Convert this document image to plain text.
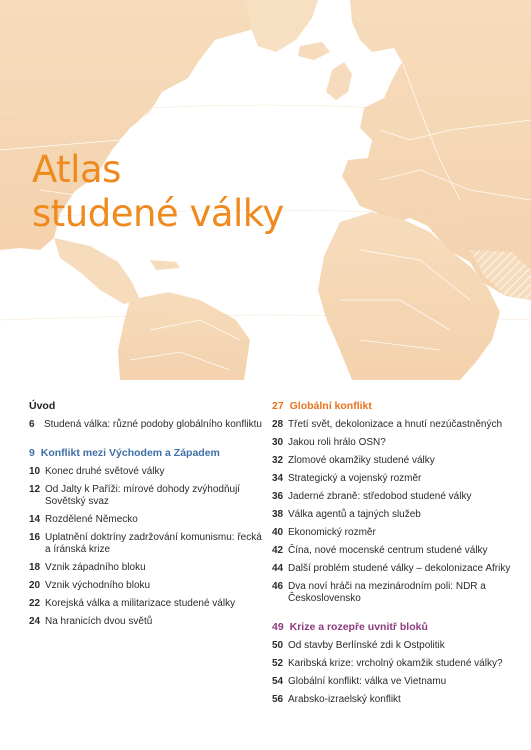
Atlas
studené války
Úvod
6 Studená válka: různé podoby globálního konfliktu
9 Konflikt mezi Východem a Západem
10 Konec druhé světové války
12 Od Jalty k Paříži: mírové dohody zvýhodňují Sovětský svaz
14 Rozdělené Německo
16 Uplatnění doktríny zadržování komunismu: řecká a íránská krize
18 Vznik západního bloku
20 Vznik východního bloku
22 Korejská válka a militarizace studené války
24 Na hranicích dvou světů
27 Globální konflikt
28 Třetí svět, dekolonizace a hnutí nezúčastněných
30 Jakou roli hrálo OSN?
32 Zlomové okamžiky studené války
34 Strategický a vojenský rozměr
36 Jaderné zbraně: středobod studené války
38 Válka agentů a tajných služeb
40 Ekonomický rozměr
42 Čína, nové mocenské centrum studené války
44 Další problém studené války – dekolonizace Afriky
46 Dva noví hráči na mezinárodním poli: NDR a Československo
49 Krize a rozepře uvnitř bloků
50 Od stavby Berlínské zdi k Ostpolitik
52 Karibská krize: vrcholný okamžik studené války?
54 Globální konflikt: válka ve Vietnamu
56 Arabsko-izraelský konflikt
